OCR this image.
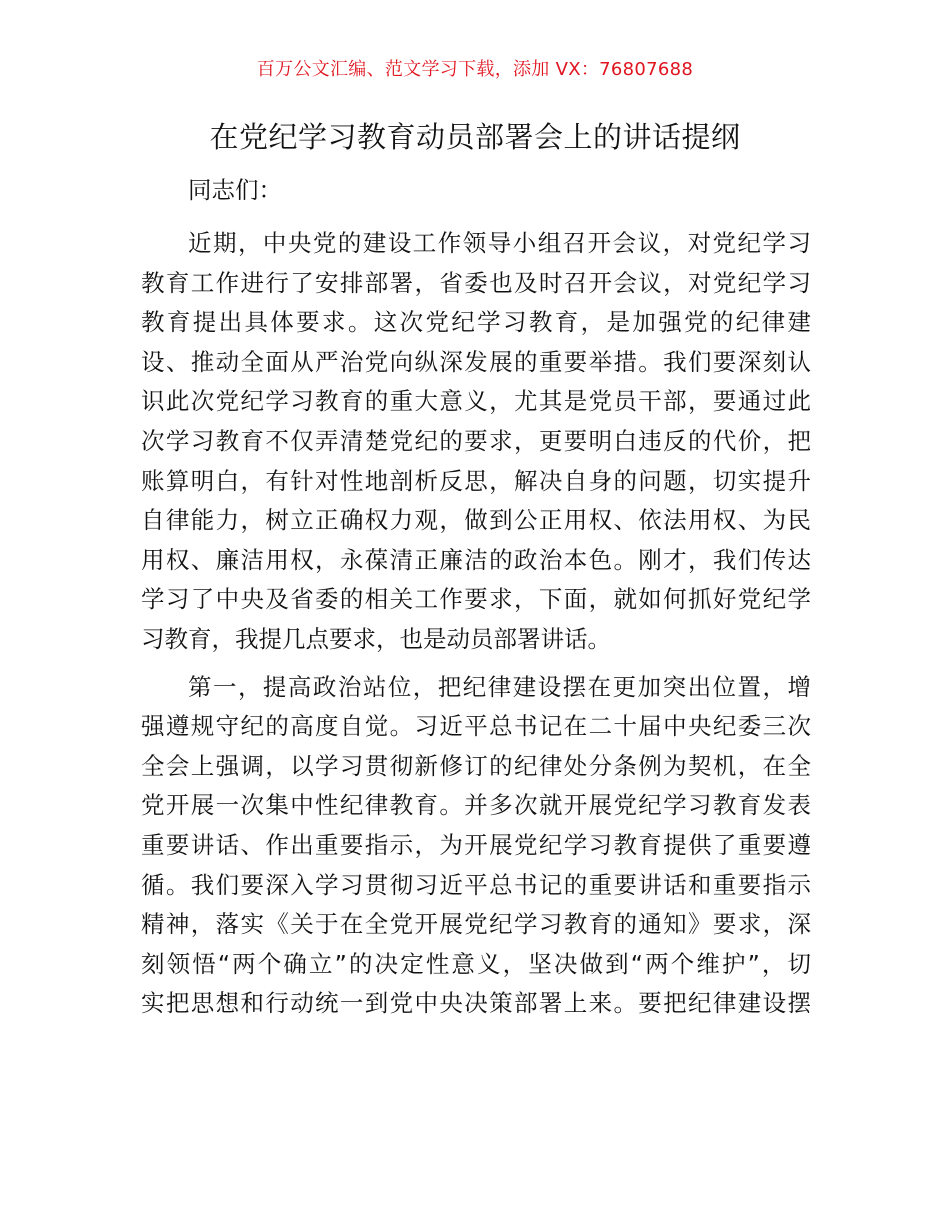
百万公文汇编、范文学习下载，添加 VX：76807688
在党纪学习教育动员部署会上的讲话提纲
同志们：
近期，中央党的建设工作领导小组召开会议，对党纪学习
教育工作进行了安排部署，省委也及时召开会议，对党纪学习
教育提出具体要求。这次党纪学习教育，是加强党的纪律建
设、推动全面从严治党向纵深发展的重要举措。我们要深刻认
识此次党纪学习教育的重大意义，尤其是党员干部，要通过此
次学习教育不仅弄清楚党纪的要求，更要明白违反的代价，把
账算明白，有针对性地剖析反思，解决自身的问题，切实提升
自律能力，树立正确权力观，做到公正用权、依法用权、为民
用权、廉洁用权，永葆清正廉洁的政治本色。刚才，我们传达
学习了中央及省委的相关工作要求，下面，就如何抓好党纪学
习教育，我提几点要求，也是动员部署讲话。
第一，提高政治站位，把纪律建设摆在更加突出位置，增
强遵规守纪的高度自觉。习近平总书记在二十届中央纪委三次
全会上强调，以学习贯彻新修订的纪律处分条例为契机，在全
党开展一次集中性纪律教育。并多次就开展党纪学习教育发表
重要讲话、作出重要指示，为开展党纪学习教育提供了重要遵
循。我们要深入学习贯彻习近平总书记的重要讲话和重要指示
精神，落实《关于在全党开展党纪学习教育的通知》要求，深
刻领悟“两个确立”的决定性意义，坚决做到“两个维护”，切
实把思想和行动统一到党中央决策部署上来。要把纪律建设摆
